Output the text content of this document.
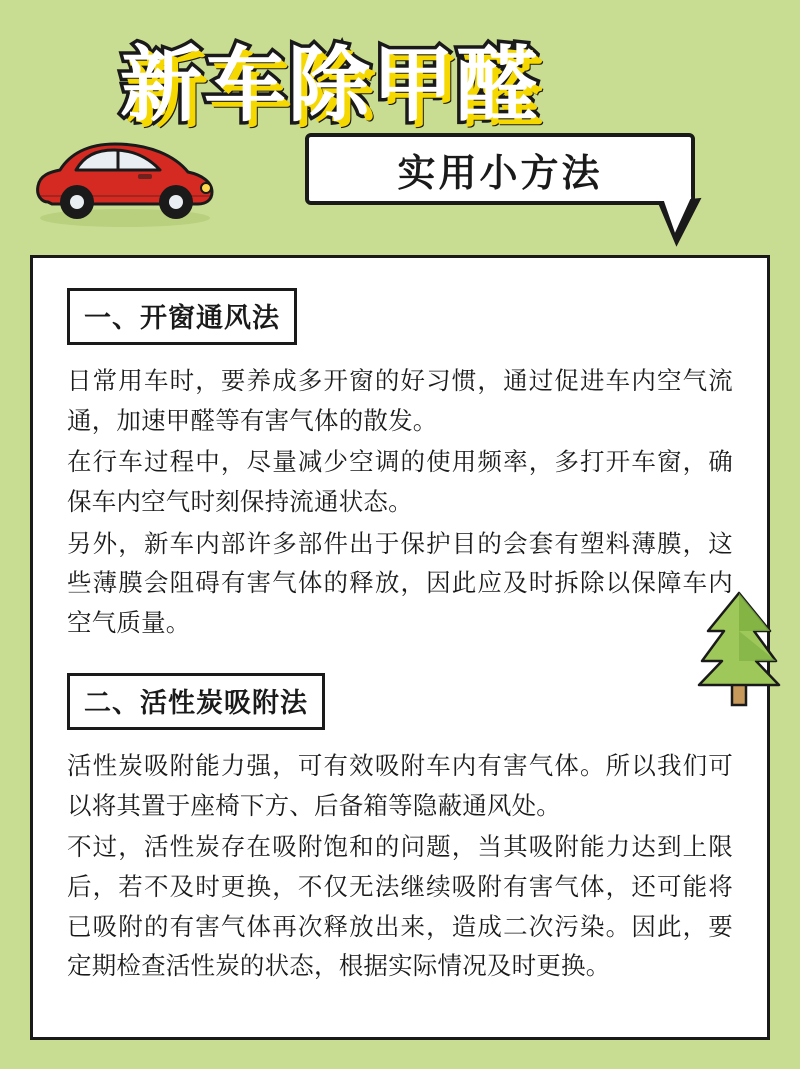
新车除甲醛
实用小方法
一、开窗通风法

日常用车时，要养成多开窗的好习惯，通过促进车内空气流通，加速甲醛等有害气体的散发。

在行车过程中，尽量减少空调的使用频率，多打开车窗，确保车内空气时刻保持流通状态。

另外，新车内部许多部件出于保护目的会套有塑料薄膜，这些薄膜会阻碍有害气体的释放，因此应及时拆除以保障车内空气质量。

二、活性炭吸附法

活性炭吸附能力强，可有效吸附车内有害气体。所以我们可以将其置于座椅下方、后备箱等隐蔽通风处。

不过，活性炭存在吸附饱和的问题，当其吸附能力达到上限后，若不及时更换，不仅无法继续吸附有害气体，还可能将已吸附的有害气体再次释放出来，造成二次污染。因此，要定期检查活性炭的状态，根据实际情况及时更换。
